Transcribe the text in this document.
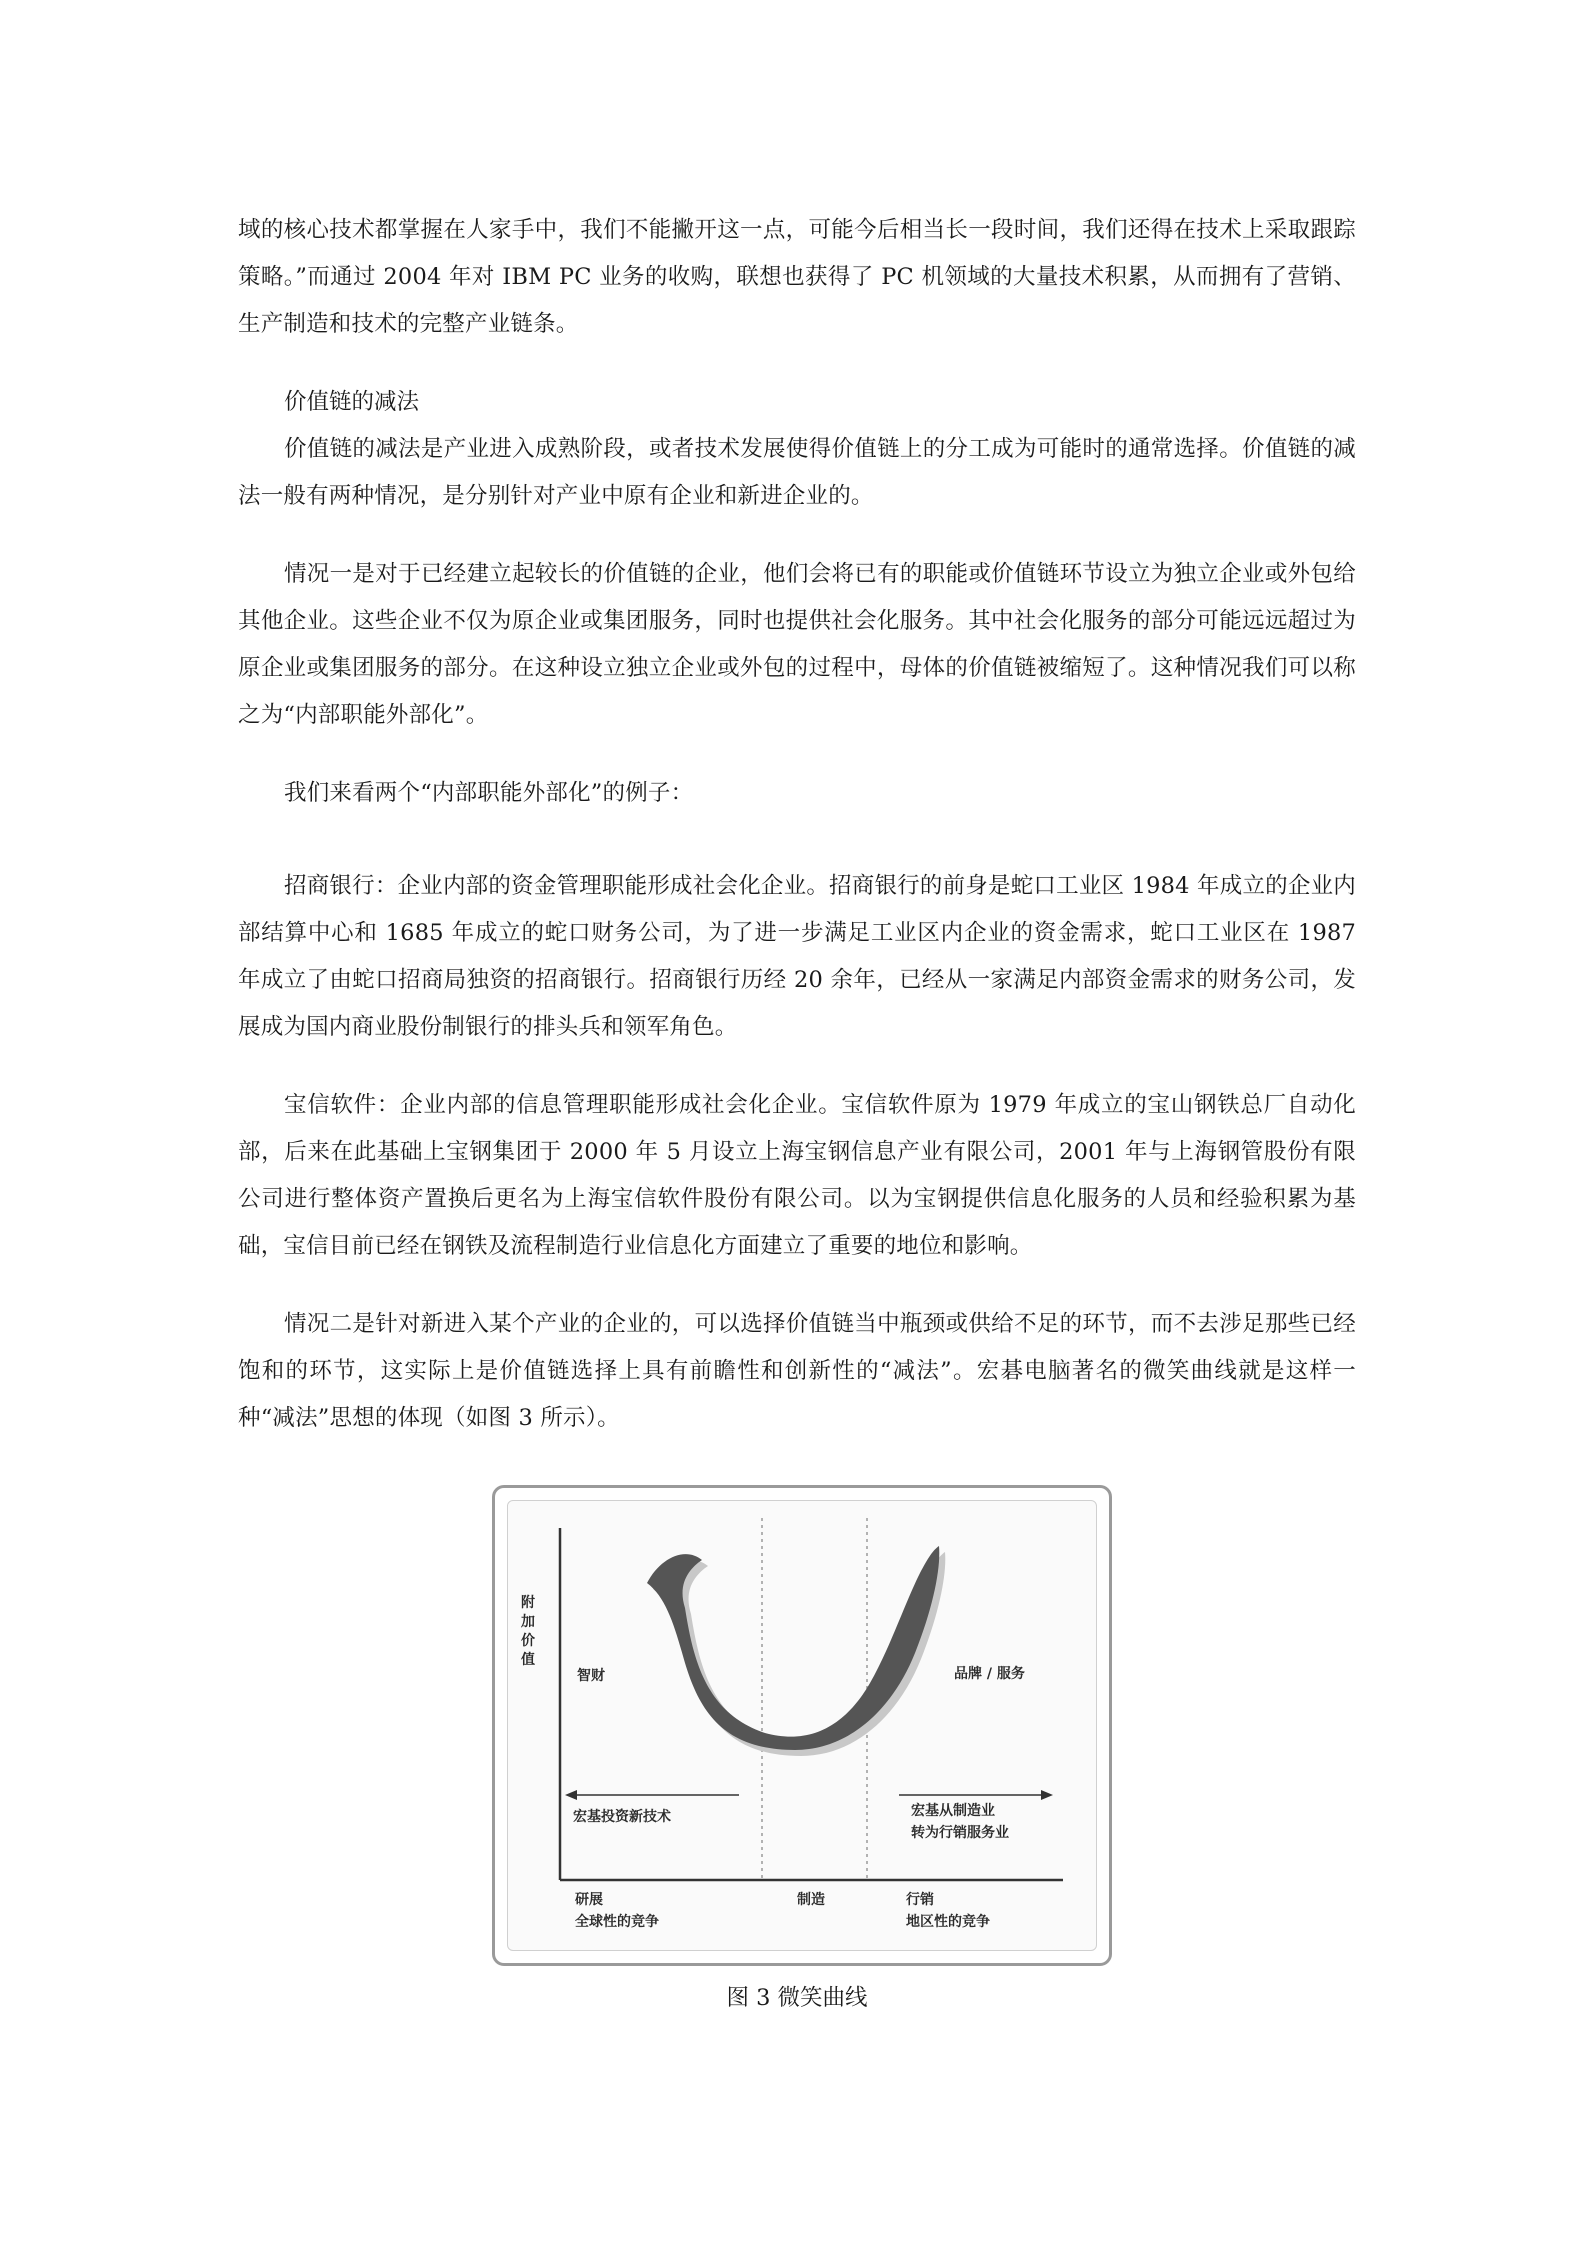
域的核心技术都掌握在人家手中，我们不能撇开这一点，可能今后相当长一段时间，我们还得在技术上采取跟踪策略。”而通过 2004 年对 IBM PC 业务的收购，联想也获得了 PC 机领域的大量技术积累，从而拥有了营销、生产制造和技术的完整产业链条。

价值链的减法

价值链的减法是产业进入成熟阶段，或者技术发展使得价值链上的分工成为可能时的通常选择。价值链的减法一般有两种情况，是分别针对产业中原有企业和新进企业的。

情况一是对于已经建立起较长的价值链的企业，他们会将已有的职能或价值链环节设立为独立企业或外包给其他企业。这些企业不仅为原企业或集团服务，同时也提供社会化服务。其中社会化服务的部分可能远远超过为原企业或集团服务的部分。在这种设立独立企业或外包的过程中，母体的价值链被缩短了。这种情况我们可以称之为“内部职能外部化”。

我们来看两个“内部职能外部化”的例子：

招商银行：企业内部的资金管理职能形成社会化企业。招商银行的前身是蛇口工业区 1984 年成立的企业内部结算中心和 1685 年成立的蛇口财务公司，为了进一步满足工业区内企业的资金需求，蛇口工业区在 1987 年成立了由蛇口招商局独资的招商银行。招商银行历经 20 余年，已经从一家满足内部资金需求的财务公司，发展成为国内商业股份制银行的排头兵和领军角色。

宝信软件：企业内部的信息管理职能形成社会化企业。宝信软件原为 1979 年成立的宝山钢铁总厂自动化部，后来在此基础上宝钢集团于 2000 年 5 月设立上海宝钢信息产业有限公司，2001 年与上海钢管股份有限公司进行整体资产置换后更名为上海宝信软件股份有限公司。以为宝钢提供信息化服务的人员和经验积累为基础，宝信目前已经在钢铁及流程制造行业信息化方面建立了重要的地位和影响。

情况二是针对新进入某个产业的企业的，可以选择价值链当中瓶颈或供给不足的环节，而不去涉足那些已经饱和的环节，这实际上是价值链选择上具有前瞻性和创新性的“减法”。宏碁电脑著名的微笑曲线就是这样一种“减法”思想的体现（如图 3 所示）。

附加价值
智财	品牌 / 服务
宏基投资新技术	宏基从制造业
转为行销服务业
研展
全球性的竞争
制造	行销
地区性的竞争

图 3 微笑曲线
